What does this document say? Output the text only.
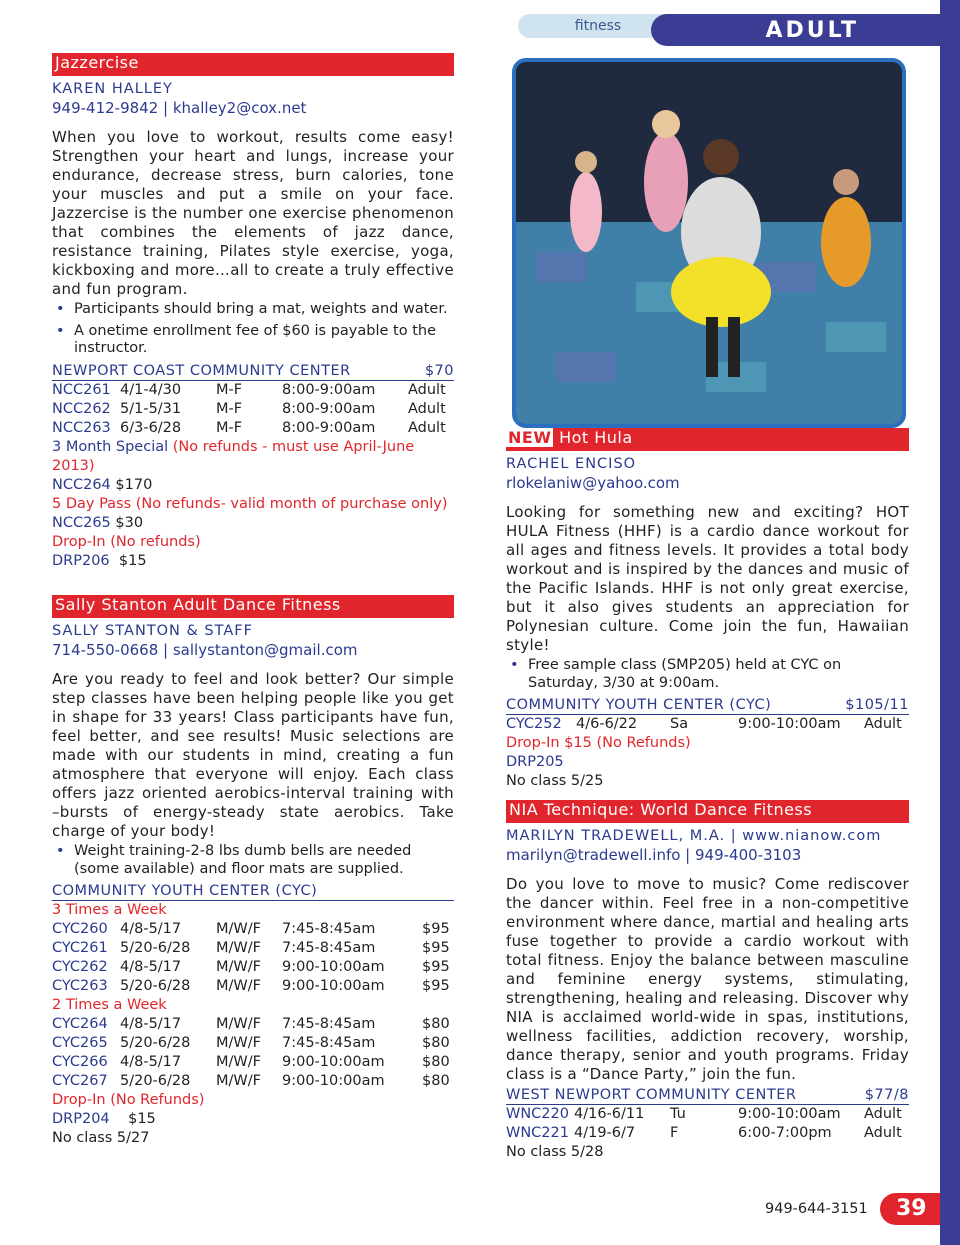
fitness	ADULT
Jazzercise
KAREN HALLEY
949-412-9842 | khalley2@cox.net
When you love to workout, results come easy! Strengthen your heart and lungs, increase your endurance, decrease stress, burn calories, tone your muscles and put a smile on your face. Jazzercise is the number one exercise phenomenon that combines the elements of jazz dance, resistance training, Pilates style exercise, yoga, kickboxing and more…all to create a truly effective and fun program.
• Participants should bring a mat, weights and water.
• A onetime enrollment fee of $60 is payable to the instructor.
NEWPORT COAST COMMUNITY CENTER	$70
NCC261 4/1-4/30	M-F	8:00-9:00am	Adult
NCC262 5/1-5/31	M-F	8:00-9:00am	Adult
NCC263 6/3-6/28	M-F	8:00-9:00am	Adult
3 Month Special (No refunds - must use April-June 2013)
NCC264 $170
5 Day Pass (No refunds- valid month of purchase only)
NCC265 $30
Drop-In (No refunds)
DRP206 $15
Sally Stanton Adult Dance Fitness
SALLY STANTON & STAFF
714-550-0668 | sallystanton@gmail.com
Are you ready to feel and look better? Our simple step classes have been helping people like you get in shape for 33 years! Class participants have fun, feel better, and see results! Music selections are made with our students in mind, creating a fun atmosphere that everyone will enjoy. Each class offers jazz oriented aerobics-interval training with –bursts of energy-steady state aerobics. Take charge of your body!
• Weight training-2-8 lbs dumb bells are needed (some available) and floor mats are supplied.
COMMUNITY YOUTH CENTER (CYC)
3 Times a Week
CYC260 4/8-5/17	M/W/F	7:45-8:45am	$95
CYC261 5/20-6/28	M/W/F	7:45-8:45am	$95
CYC262 4/8-5/17	M/W/F	9:00-10:00am	$95
CYC263 5/20-6/28	M/W/F	9:00-10:00am	$95
2 Times a Week
CYC264 4/8-5/17	M/W/F	7:45-8:45am	$80
CYC265 5/20-6/28	M/W/F	7:45-8:45am	$80
CYC266 4/8-5/17	M/W/F	9:00-10:00am	$80
CYC267 5/20-6/28	M/W/F	9:00-10:00am	$80
Drop-In (No Refunds)
DRP204 $15
No class 5/27
NEW Hot Hula
RACHEL ENCISO
rlokelaniw@yahoo.com
Looking for something new and exciting? HOT HULA Fitness (HHF) is a cardio dance workout for all ages and fitness levels. It provides a total body workout and is inspired by the dances and music of the Pacific Islands. HHF is not only great exercise, but it also gives students an appreciation for Polynesian culture. Come join the fun, Hawaiian style!
• Free sample class (SMP205) held at CYC on Saturday, 3/30 at 9:00am.
COMMUNITY YOUTH CENTER (CYC)	$105/11
CYC252 4/6-6/22	Sa	9:00-10:00am	Adult
Drop-In $15 (No Refunds)
DRP205
No class 5/25
NIA Technique: World Dance Fitness
MARILYN TRADEWELL, M.A. | www.nianow.com
marilyn@tradewell.info | 949-400-3103
Do you love to move to music? Come rediscover the dancer within. Feel free in a non-competitive environment where dance, martial and healing arts fuse together to provide a cardio workout with total fitness. Enjoy the balance between masculine and feminine energy systems, stimulating, strengthening, healing and releasing. Discover why NIA is acclaimed world-wide in spas, institutions, wellness facilities, addiction recovery, worship, dance therapy, senior and youth programs. Friday class is a “Dance Party,” join the fun.
WEST NEWPORT COMMUNITY CENTER	$77/8
WNC220 4/16-6/11	Tu	9:00-10:00am	Adult
WNC221 4/19-6/7	F	6:00-7:00pm	Adult
No class 5/28
949-644-3151	39
